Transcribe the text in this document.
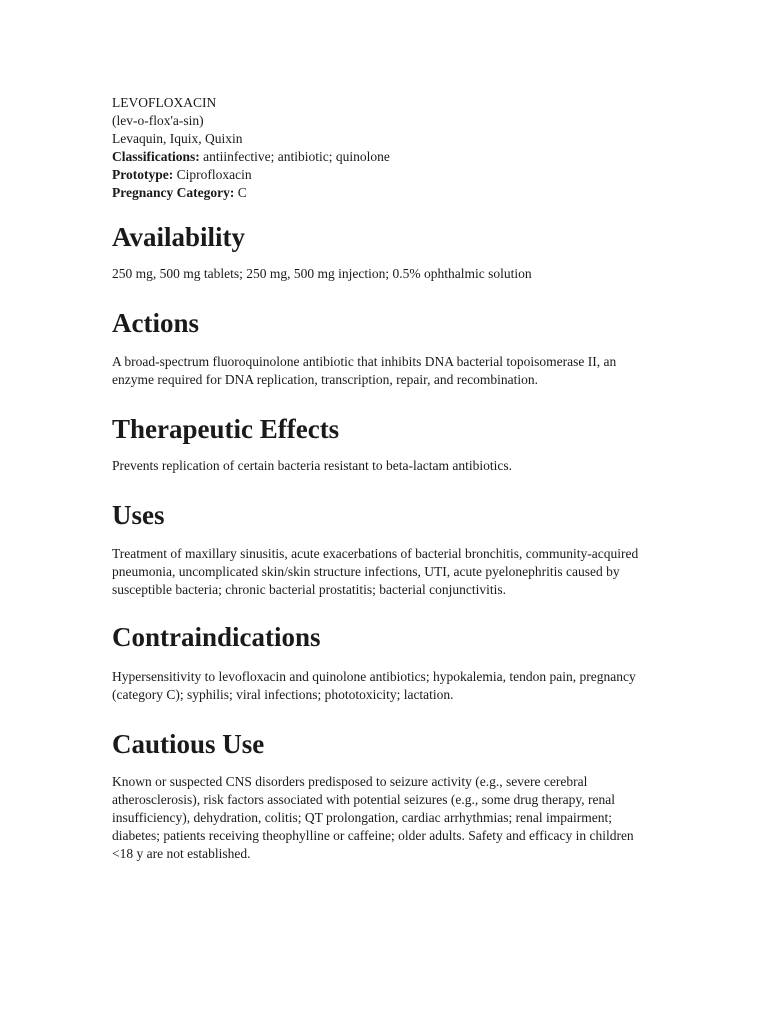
LEVOFLOXACIN

(lev-o-flox'a-sin)

Levaquin, Iquix, Quixin

Classifications: antiinfective; antibiotic; quinolone

Prototype: Ciprofloxacin

Pregnancy Category: C

Availability

250 mg, 500 mg tablets; 250 mg, 500 mg injection; 0.5% ophthalmic solution

Actions

A broad-spectrum fluoroquinolone antibiotic that inhibits DNA bacterial topoisomerase II, an enzyme required for DNA replication, transcription, repair, and recombination.

Therapeutic Effects

Prevents replication of certain bacteria resistant to beta-lactam antibiotics.

Uses

Treatment of maxillary sinusitis, acute exacerbations of bacterial bronchitis, community-acquired pneumonia, uncomplicated skin/skin structure infections, UTI, acute pyelonephritis caused by susceptible bacteria; chronic bacterial prostatitis; bacterial conjunctivitis.

Contraindications

Hypersensitivity to levofloxacin and quinolone antibiotics; hypokalemia, tendon pain, pregnancy (category C); syphilis; viral infections; phototoxicity; lactation.

Cautious Use

Known or suspected CNS disorders predisposed to seizure activity (e.g., severe cerebral atherosclerosis), risk factors associated with potential seizures (e.g., some drug therapy, renal insufficiency), dehydration, colitis; QT prolongation, cardiac arrhythmias; renal impairment; diabetes; patients receiving theophylline or caffeine; older adults. Safety and efficacy in children <18 y are not established.
